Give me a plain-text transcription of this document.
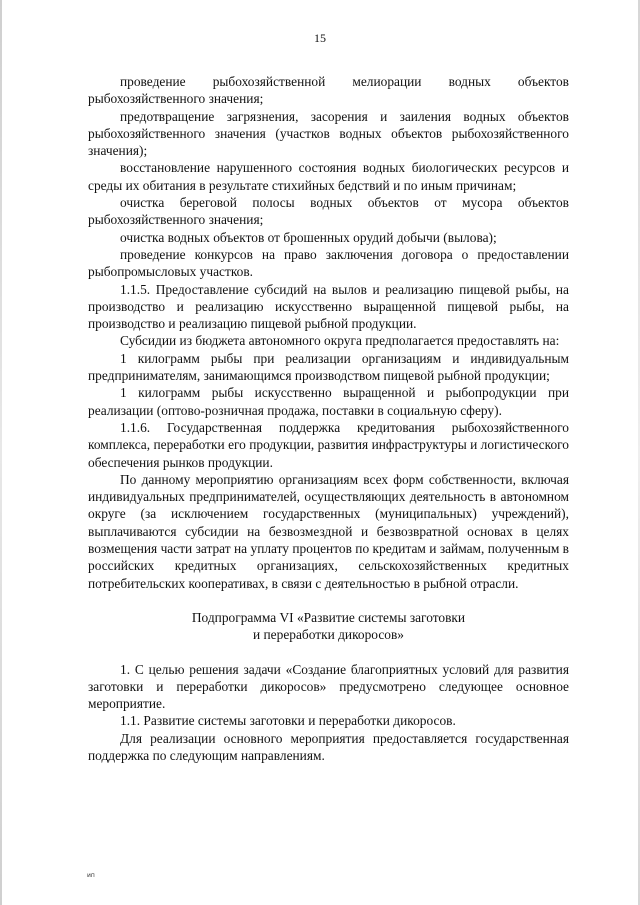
15

проведение рыбохозяйственной мелиорации водных объектов рыбохозяйственного значения;

предотвращение загрязнения, засорения и заиления водных объектов рыбохозяйственного значения (участков водных объектов рыбохозяйственного значения);

восстановление нарушенного состояния водных биологических ресурсов и среды их обитания в результате стихийных бедствий и по иным причинам;

очистка береговой полосы водных объектов от мусора объектов рыбохозяйственного значения;

очистка водных объектов от брошенных орудий добычи (вылова);

проведение конкурсов на право заключения договора о предоставлении рыбопромысловых участков.

1.1.5. Предоставление субсидий на вылов и реализацию пищевой рыбы, на производство и реализацию искусственно выращенной пищевой рыбы, на производство и реализацию пищевой рыбной продукции.

Субсидии из бюджета автономного округа предполагается предоставлять на:

1 килограмм рыбы при реализации организациям и индивидуальным предпринимателям, занимающимся производством пищевой рыбной продукции;

1 килограмм рыбы искусственно выращенной и рыбопродукции при реализации (оптово-розничная продажа, поставки в социальную сферу).

1.1.6. Государственная поддержка кредитования рыбохозяйственного комплекса, переработки его продукции, развития инфраструктуры и логистического обеспечения рынков продукции.

По данному мероприятию организациям всех форм собственности, включая индивидуальных предпринимателей, осуществляющих деятельность в автономном округе (за исключением государственных (муниципальных) учреждений), выплачиваются субсидии на безвозмездной и безвозвратной основах в целях возмещения части затрат на уплату процентов по кредитам и займам, полученным в российских кредитных организациях, сельскохозяйственных кредитных потребительских кооперативах, в связи с деятельностью в рыбной отрасли.

Подпрограмма VI «Развитие системы заготовки

и переработки дикоросов»

1. С целью решения задачи «Создание благоприятных условий для развития заготовки и переработки дикоросов» предусмотрено следующее основное мероприятие.

1.1. Развитие системы заготовки и переработки дикоросов.

Для реализации основного мероприятия предоставляется государственная поддержка по следующим направлениям.

ип
